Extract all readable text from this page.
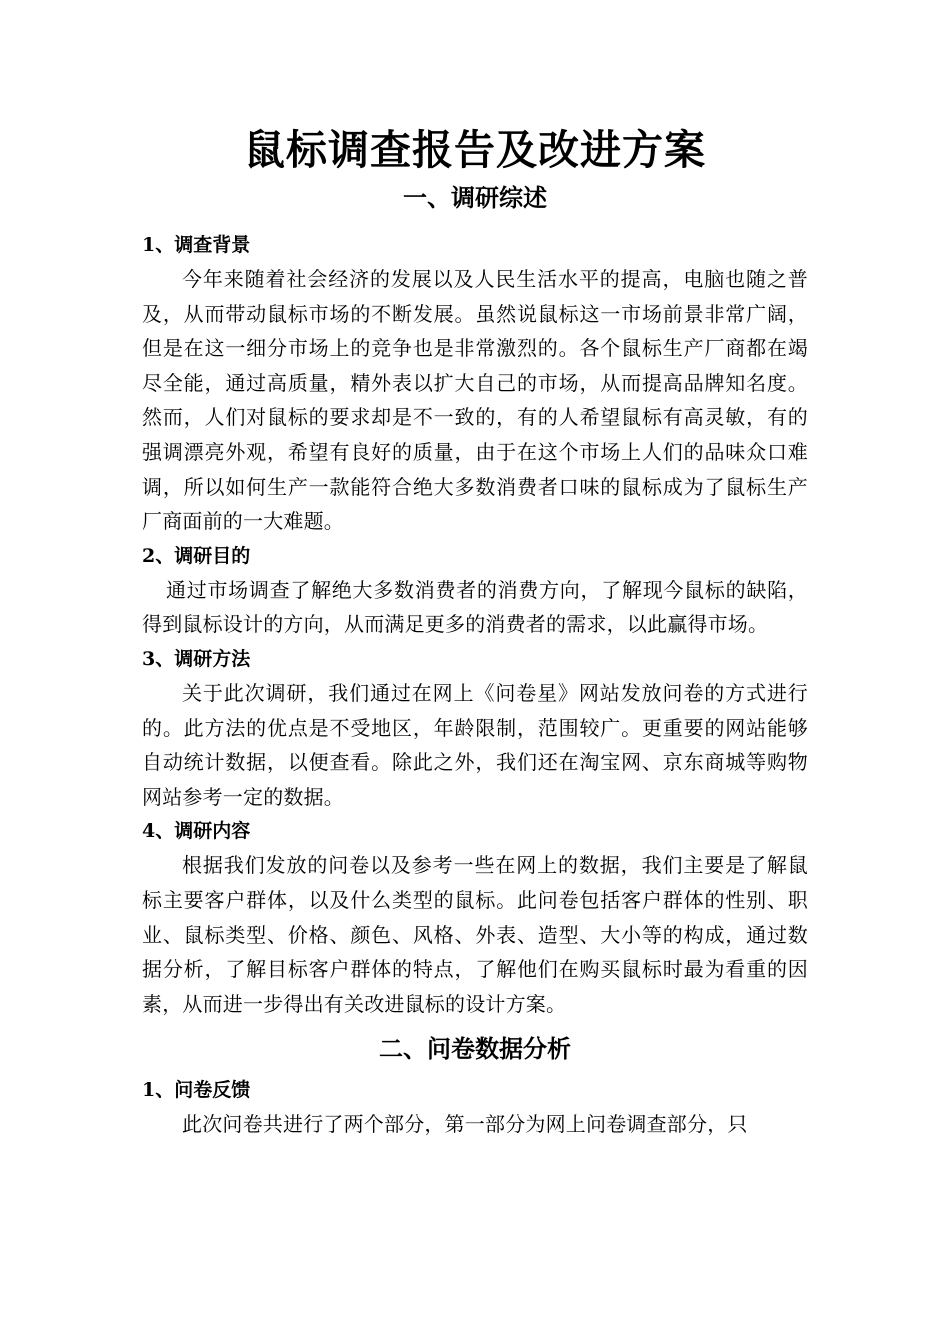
鼠标调查报告及改进方案
一、调研综述
1、调查背景

今年来随着社会经济的发展以及人民生活水平的提高，电脑也随之普及，从而带动鼠标市场的不断发展。虽然说鼠标这一市场前景非常广阔，但是在这一细分市场上的竞争也是非常激烈的。各个鼠标生产厂商都在竭尽全能，通过高质量，精外表以扩大自己的市场，从而提高品牌知名度。然而，人们对鼠标的要求却是不一致的，有的人希望鼠标有高灵敏，有的强调漂亮外观，希望有良好的质量，由于在这个市场上人们的品味众口难调，所以如何生产一款能符合绝大多数消费者口味的鼠标成为了鼠标生产厂商面前的一大难题。

2、调研目的

通过市场调查了解绝大多数消费者的消费方向，了解现今鼠标的缺陷，得到鼠标设计的方向，从而满足更多的消费者的需求，以此赢得市场。

3、调研方法

关于此次调研，我们通过在网上《问卷星》网站发放问卷的方式进行的。此方法的优点是不受地区，年龄限制，范围较广。更重要的网站能够自动统计数据，以便查看。除此之外，我们还在淘宝网、京东商城等购物网站参考一定的数据。

4、调研内容

根据我们发放的问卷以及参考一些在网上的数据，我们主要是了解鼠标主要客户群体，以及什么类型的鼠标。此问卷包括客户群体的性别、职业、鼠标类型、价格、颜色、风格、外表、造型、大小等的构成，通过数据分析，了解目标客户群体的特点，了解他们在购买鼠标时最为看重的因素，从而进一步得出有关改进鼠标的设计方案。

二、问卷数据分析
1、问卷反馈

此次问卷共进行了两个部分，第一部分为网上问卷调查部分，只
